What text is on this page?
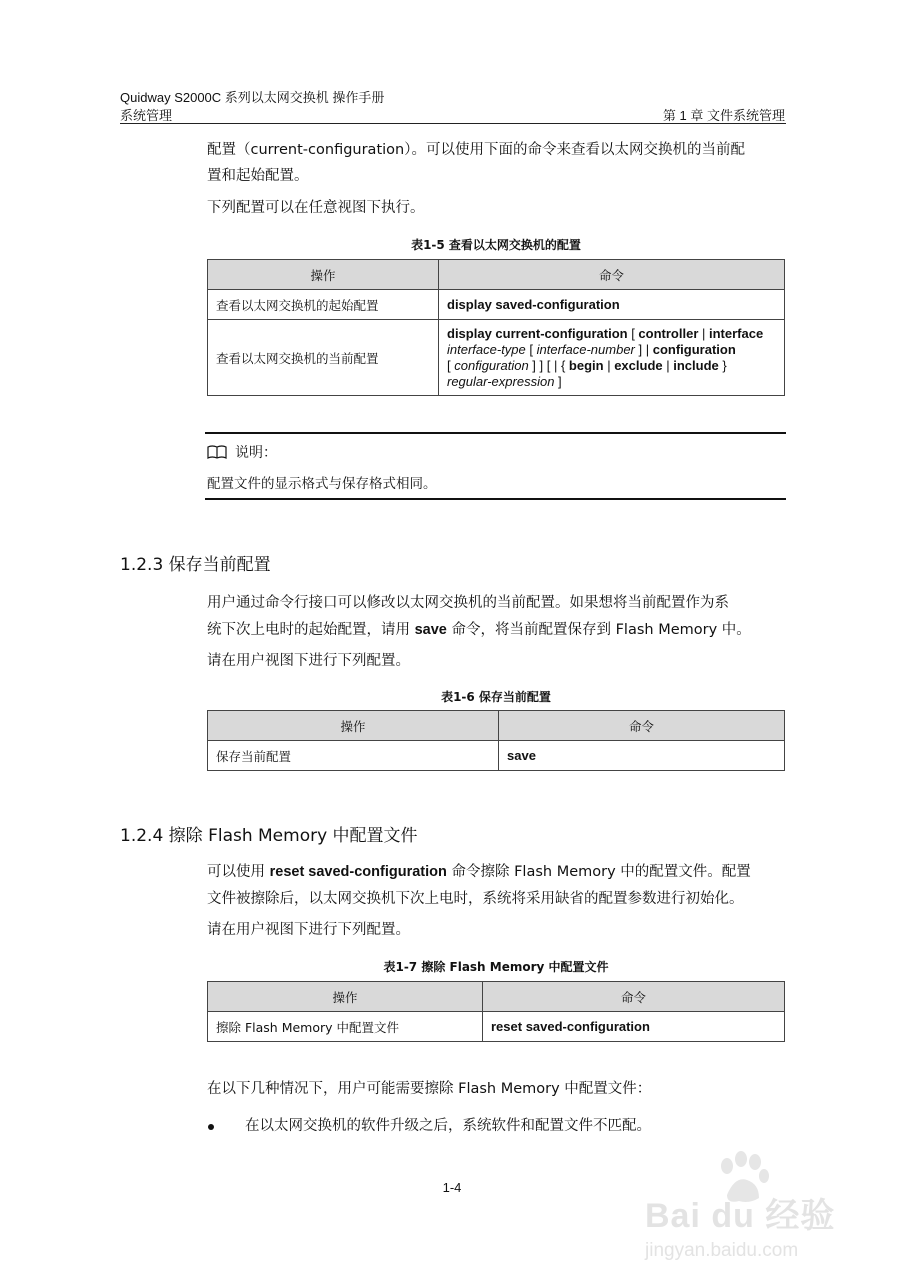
Quidway S2000C 系列以太网交换机 操作手册
系统管理	第 1 章 文件系统管理
配置（current-configuration）。可以使用下面的命令来查看以太网交换机的当前配
置和起始配置。
下列配置可以在任意视图下执行。
表1-5 查看以太网交换机的配置
操作	命令
查看以太网交换机的起始配置	display saved-configuration
查看以太网交换机的当前配置	display current-configuration [ controller | interface
interface-type [ interface-number ] | configuration
[ configuration ] ] [ | { begin | exclude | include }
regular-expression ]
说明：
配置文件的显示格式与保存格式相同。
1.2.3 保存当前配置
用户通过命令行接口可以修改以太网交换机的当前配置。如果想将当前配置作为系
统下次上电时的起始配置，请用 save 命令，将当前配置保存到 Flash Memory 中。
请在用户视图下进行下列配置。
表1-6 保存当前配置
操作	命令
保存当前配置	save
1.2.4 擦除 Flash Memory 中配置文件
可以使用 reset saved-configuration 命令擦除 Flash Memory 中的配置文件。配置
文件被擦除后，以太网交换机下次上电时，系统将采用缺省的配置参数进行初始化。
请在用户视图下进行下列配置。
表1-7 擦除 Flash Memory 中配置文件
操作	命令
擦除 Flash Memory 中配置文件	reset saved-configuration
在以下几种情况下，用户可能需要擦除 Flash Memory 中配置文件：
在以太网交换机的软件升级之后，系统软件和配置文件不匹配。
1-4
Bai du 经验
jingyan.baidu.com
